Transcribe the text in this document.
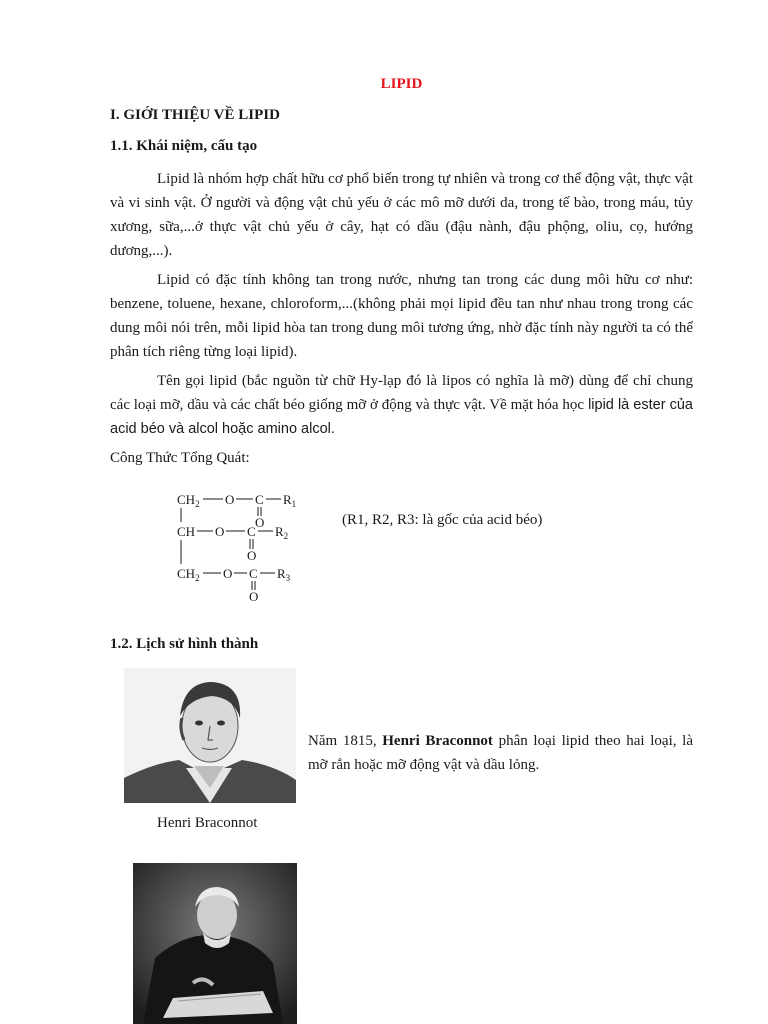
LIPID
I. GIỚI THIỆU VỀ LIPID
1.1. Khái niệm, cấu tạo

Lipid là nhóm hợp chất hữu cơ phổ biến trong tự nhiên và trong cơ thể động vật, thực vật và vi sinh vật. Ở người và động vật chủ yếu ở các mô mỡ dưới da, trong tế bào, trong máu, tủy xương, sữa,...ở thực vật chủ yếu ở cây, hạt có dầu (đậu nành, đậu phộng, oliu, cọ, hướng dương,...).

Lipid có đặc tính không tan trong nước, nhưng tan trong các dung môi hữu cơ như: benzene, toluene, hexane, chloroform,...(không phải mọi lipid đều tan như nhau trong trong các dung môi nói trên, mỗi lipid hòa tan trong dung môi tương ứng, nhờ đặc tính này người ta có thể phân tích riêng từng loại lipid).

Tên gọi lipid (bắc nguồn từ chữ Hy-lạp đó là lipos có nghĩa là mỡ) dùng để chỉ chung các loại mỡ, dầu và các chất béo giống mỡ ở động và thực vật. Về mặt hóa học lipid là ester của acid béo và alcol hoặc amino alcol.

Công Thức Tổng Quát:
$CH_2$ O C $R_1$
O
CH O C $R_2$
O
$CH_2$ O C $R_3$
O
(R1, R2, R3: là gốc của acid béo)
1.2. Lịch sử hình thành
Henri Braconnot

Năm 1815, Henri Braconnot phân loại lipid theo hai loại, là mỡ rắn hoặc mỡ động vật và dầu lỏng.
